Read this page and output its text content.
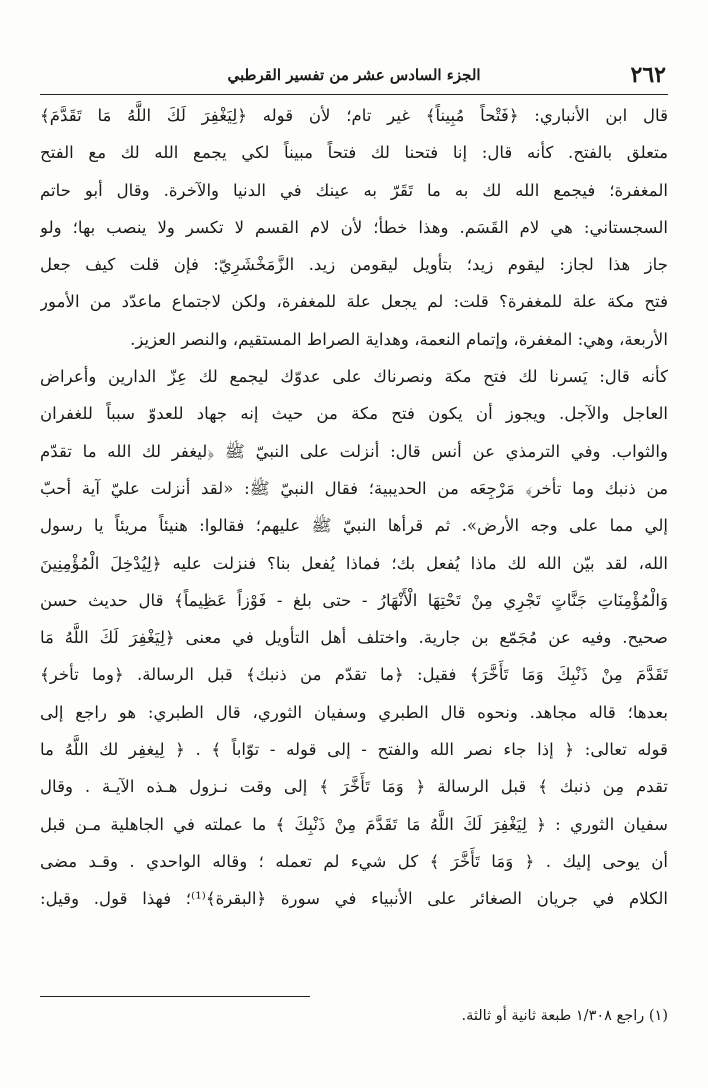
٢٦٢
الجزء السادس عشر من تفسير القرطبي
قال ابن الأنباري: ﴿فَتْحاً مُبِيناً﴾ غير تام؛ لأن قوله ﴿لِيَغْفِرَ لَكَ اللَّهُ مَا تَقَدَّمَ﴾
متعلق بالفتح. كأنه قال: إنا فتحنا لك فتحاً مبيناً لكي يجمع الله لك مع الفتح
المغفرة؛ فيجمع الله لك به ما تَقَرّ به عينك في الدنيا والآخرة. وقال أبو حاتم
السجستاني: هي لام القَسَم. وهذا خطأ؛ لأن لام القسم لا تكسر ولا ينصب بها؛ ولو
جاز هذا لجاز: ليقوم زيد؛ بتأويل ليقومن زيد. الزَّمَخْشَرِيّ: فإن قلت كيف جعل
فتح مكة علة للمغفرة؟ قلت: لم يجعل علة للمغفرة، ولكن لاجتماع ماعدّد من الأمور
الأربعة، وهي: المغفرة، وإتمام النعمة، وهداية الصراط المستقيم، والنصر العزيز.
كأنه قال: يَسرنا لك فتح مكة ونصرناك على عدوّك ليجمع لك عِزّ الدارين وأعراض
العاجل والآجل. ويجوز أن يكون فتح مكة من حيث إنه جهاد للعدوّ سبباً للغفران
والثواب. وفي الترمذي عن أنس قال: أنزلت على النبيّ ﷺ ﴿ليغفر لك الله ما تقدّم
من ذنبك وما تأخر﴾ مَرْجِعَه من الحديبية؛ فقال النبيّ ﷺ: «لقد أنزلت عليّ آية أحبّ
إلي مما على وجه الأرض». ثم قرأها النبيّ ﷺ عليهم؛ فقالوا: هنيئاً مريئاً يا رسول
الله، لقد بيّن الله لك ماذا يُفعل بك؛ فماذا يُفعل بنا؟ فنزلت عليه ﴿لِيُدْخِلَ الْمُؤْمِنِينَ
وَالْمُؤْمِنَاتِ جَنَّاتٍ تَجْرِي مِنْ تَحْتِهَا الْأَنْهَارُ - حتى بلغ - فَوْزاً عَظِيماً﴾ قال حديث حسن
صحيح. وفيه عن مُجَمّع بن جارية. واختلف أهل التأويل في معنى ﴿لِيَغْفِرَ لَكَ اللَّهُ مَا
تَقَدَّمَ مِنْ ذَنْبِكَ وَمَا تَأَخَّرَ﴾ فقيل: ﴿ما تقدّم من ذنبك﴾ قبل الرسالة. ﴿وما تأخر﴾
بعدها؛ قاله مجاهد. ونحوه قال الطبري وسفيان الثوري، قال الطبري: هو راجع إلى
قوله تعالى: ﴿ إذا جاء نصر الله والفتح - إلى قوله - توّاباً ﴾ . ﴿ لِيغفِر لك اللَّهُ ما
تقدم مِن ذنبك ﴾ قبل الرسالة ﴿ وَمَا تَأَخَّرَ ﴾ إلى وقت نـزول هـذه الآيـة . وقال
سفيان الثوري : ﴿ لِيَغْفِرَ لَكَ اللَّهُ مَا تَقَدَّمَ مِنْ ذَنْبِكَ ﴾ ما عملته في الجاهلية مـن قبل
أن يوحى إليك . ﴿ وَمَا تَأَخَّرَ ﴾ كل شيء لم تعمله ؛ وقاله الواحدي . وقـد مضى
الكلام في جريان الصغائر على الأنبياء في سورة ﴿البقرة﴾⁽¹⁾؛ فهذا قول. وقيل:
(١) راجع ١/٣٠٨ طبعة ثانية أو ثالثة.
